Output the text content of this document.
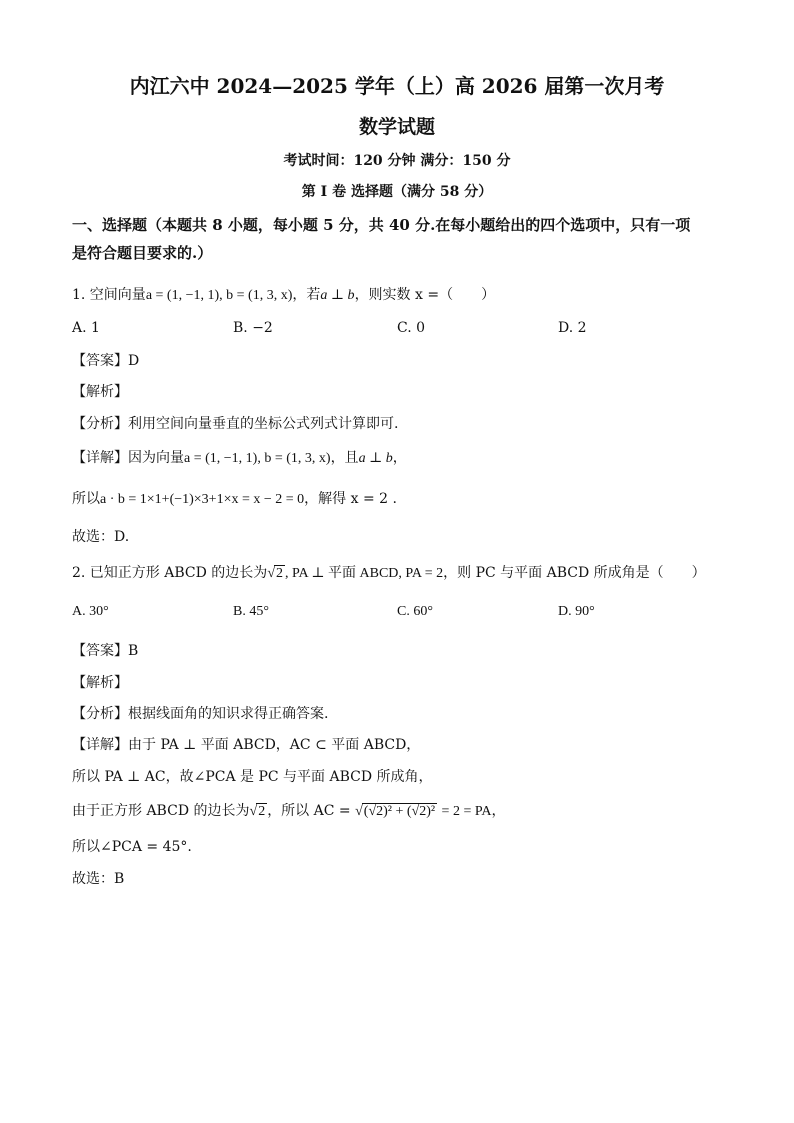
内江六中 2024—2025 学年（上）高 2026 届第一次月考
数学试题
考试时间：120 分钟 满分：150 分
第 I 卷 选择题（满分 58 分）
一、选择题（本题共 8 小题，每小题 5 分，共 40 分.在每小题给出的四个选项中，只有一项
是符合题目要求的.）
1. 空间向量a = (1, −1, 1), b = (1, 3, x)，若a ⊥ b，则实数 x =（　　）
A. 1	B. −2	C. 0	D. 2
【答案】D
【解析】
【分析】利用空间向量垂直的坐标公式列式计算即可.
【详解】因为向量a = (1, −1, 1), b = (1, 3, x)，且a ⊥ b，
所以a · b = 1×1+(−1)×3+1×x = x − 2 = 0，解得 x = 2 .
故选：D.
2. 已知正方形 ABCD 的边长为√2 , PA ⊥ 平面 ABCD, PA = 2，则 PC 与平面 ABCD 所成角是（　　）
A. 30°	B. 45°	C. 60°	D. 90°
【答案】B
【解析】
【分析】根据线面角的知识求得正确答案.
【详解】由于 PA ⊥ 平面 ABCD，AC ⊂ 平面 ABCD，
所以 PA ⊥ AC，故∠PCA 是 PC 与平面 ABCD 所成角，
由于正方形 ABCD 的边长为√2 ，所以 AC = √(√2)² + (√2)² = 2 = PA，
所以∠PCA = 45°.
故选：B
